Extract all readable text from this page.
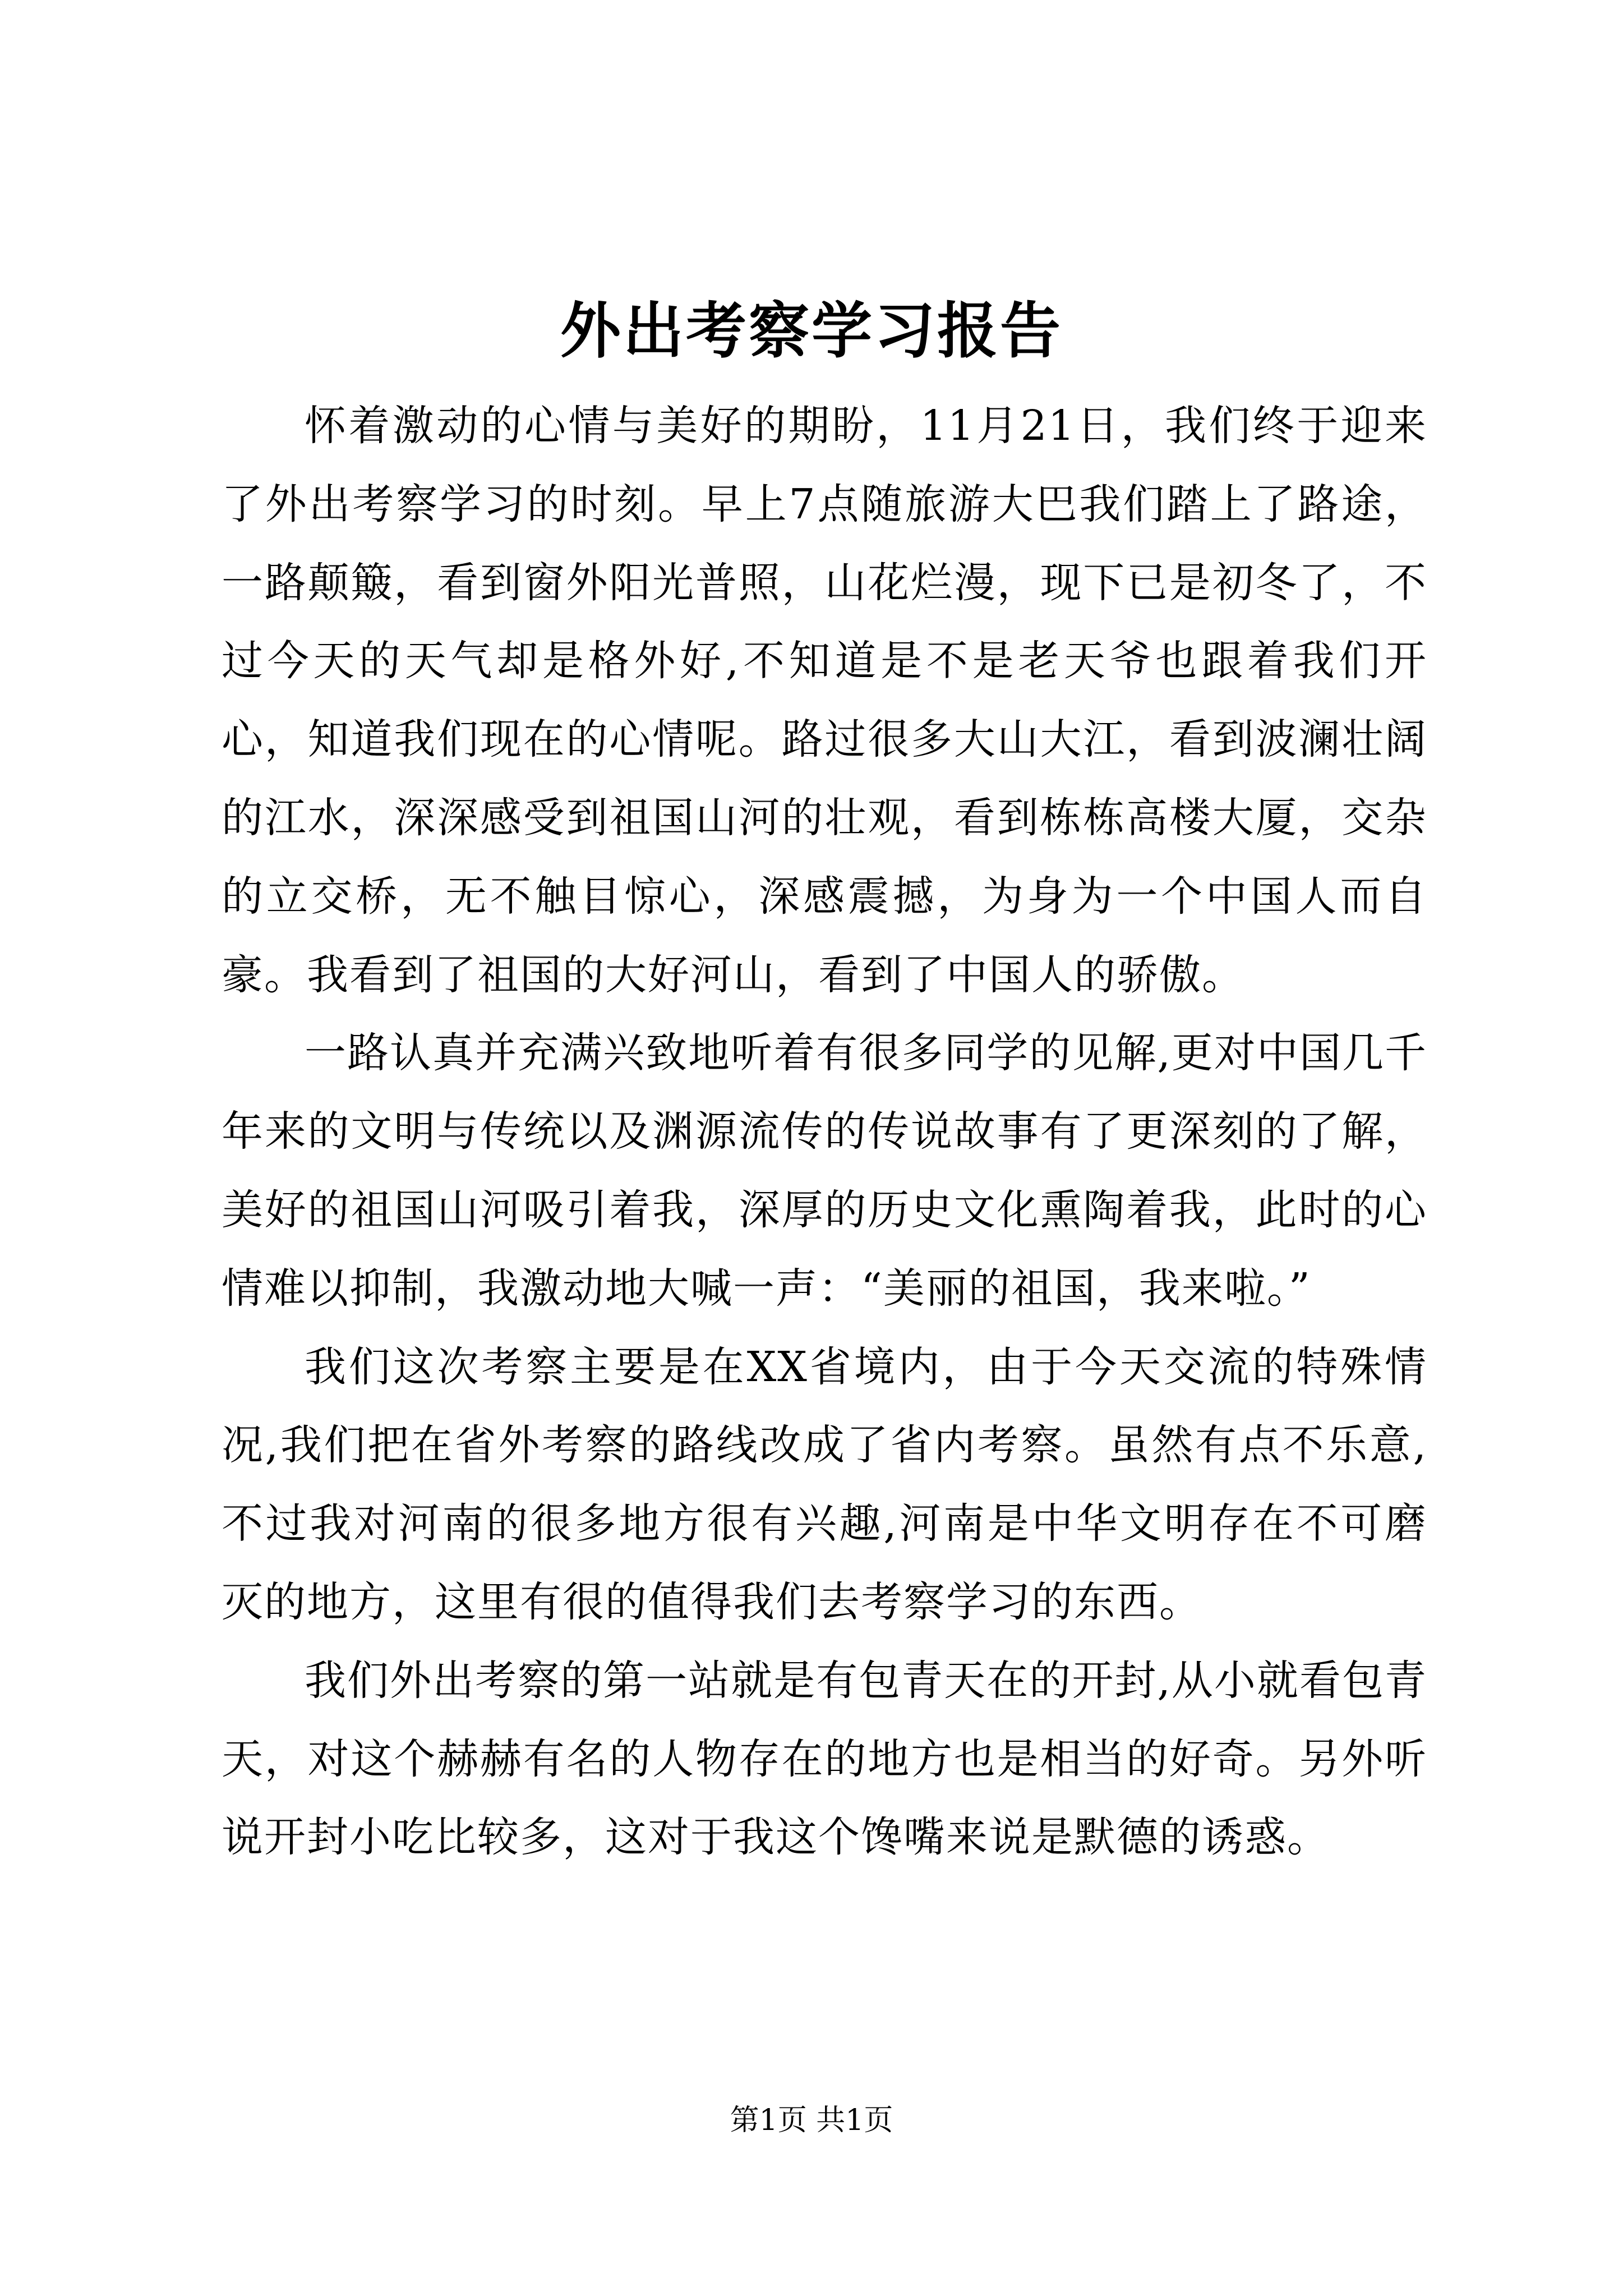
外出考察学习报告

怀着激动的心情与美好的期盼，11月21日，我们终于迎来了外出考察学习的时刻。早上7点随旅游大巴我们踏上了路途，一路颠簸，看到窗外阳光普照，山花烂漫，现下已是初冬了，不过今天的天气却是格外好,不知道是不是老天爷也跟着我们开心，知道我们现在的心情呢。路过很多大山大江，看到波澜壮阔的江水，深深感受到祖国山河的壮观，看到栋栋高楼大厦，交杂的立交桥，无不触目惊心，深感震撼，为身为一个中国人而自豪。我看到了祖国的大好河山，看到了中国人的骄傲。

一路认真并充满兴致地听着有很多同学的见解,更对中国几千年来的文明与传统以及渊源流传的传说故事有了更深刻的了解，美好的祖国山河吸引着我，深厚的历史文化熏陶着我，此时的心情难以抑制，我激动地大喊一声：“美丽的祖国，我来啦。”

我们这次考察主要是在XX省境内，由于今天交流的特殊情况,我们把在省外考察的路线改成了省内考察。虽然有点不乐意,不过我对河南的很多地方很有兴趣,河南是中华文明存在不可磨灭的地方，这里有很的值得我们去考察学习的东西。

我们外出考察的第一站就是有包青天在的开封,从小就看包青天，对这个赫赫有名的人物存在的地方也是相当的好奇。另外听说开封小吃比较多，这对于我这个馋嘴来说是默德的诱惑。

第1页 共1页
